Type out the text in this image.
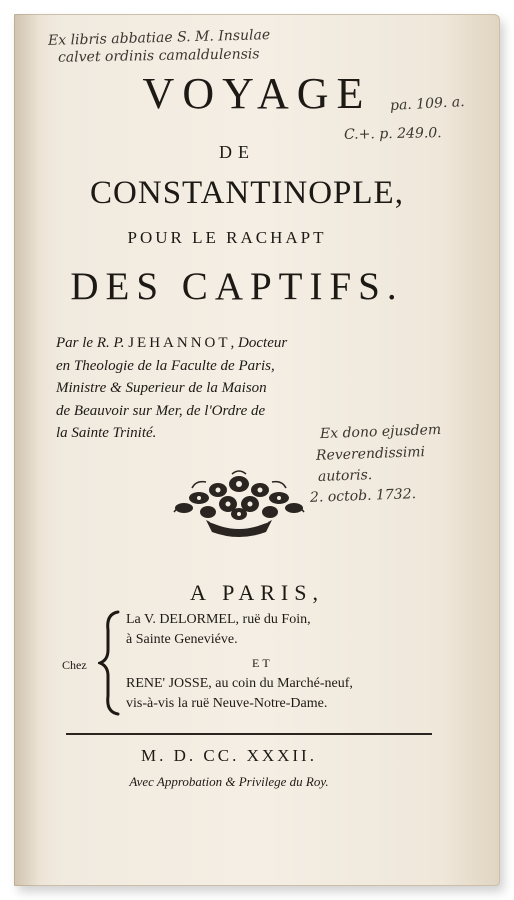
Ex libris abbatiae S. M. Insulae
calvet ordinis camaldulensis
VOYAGE	pa. 109. a.
C.+. p. 249.0.
DE
CONSTANTINOPLE,
POUR LE RACHAPT
DES CAPTIFS.
Par le R. P. JEHANNOT, Docteur
en Theologie de la Faculte de Paris,
Ministre & Superieur de la Maison
de Beauvoir sur Mer, de l'Ordre de
la Sainte Trinité.	Ex dono ejusdem
Reverendissimi
autoris.
2. octob. 1732.
A PARIS,
Chez
La V. DELORMEL, ruë du Foin,
à Sainte Geneviéve.
ET
RENE' JOSSE, au coin du Marché-neuf,
vis-à-vis la ruë Neuve-Notre-Dame.
M. D. CC. XXXII.
Avec Approbation & Privilege du Roy.
